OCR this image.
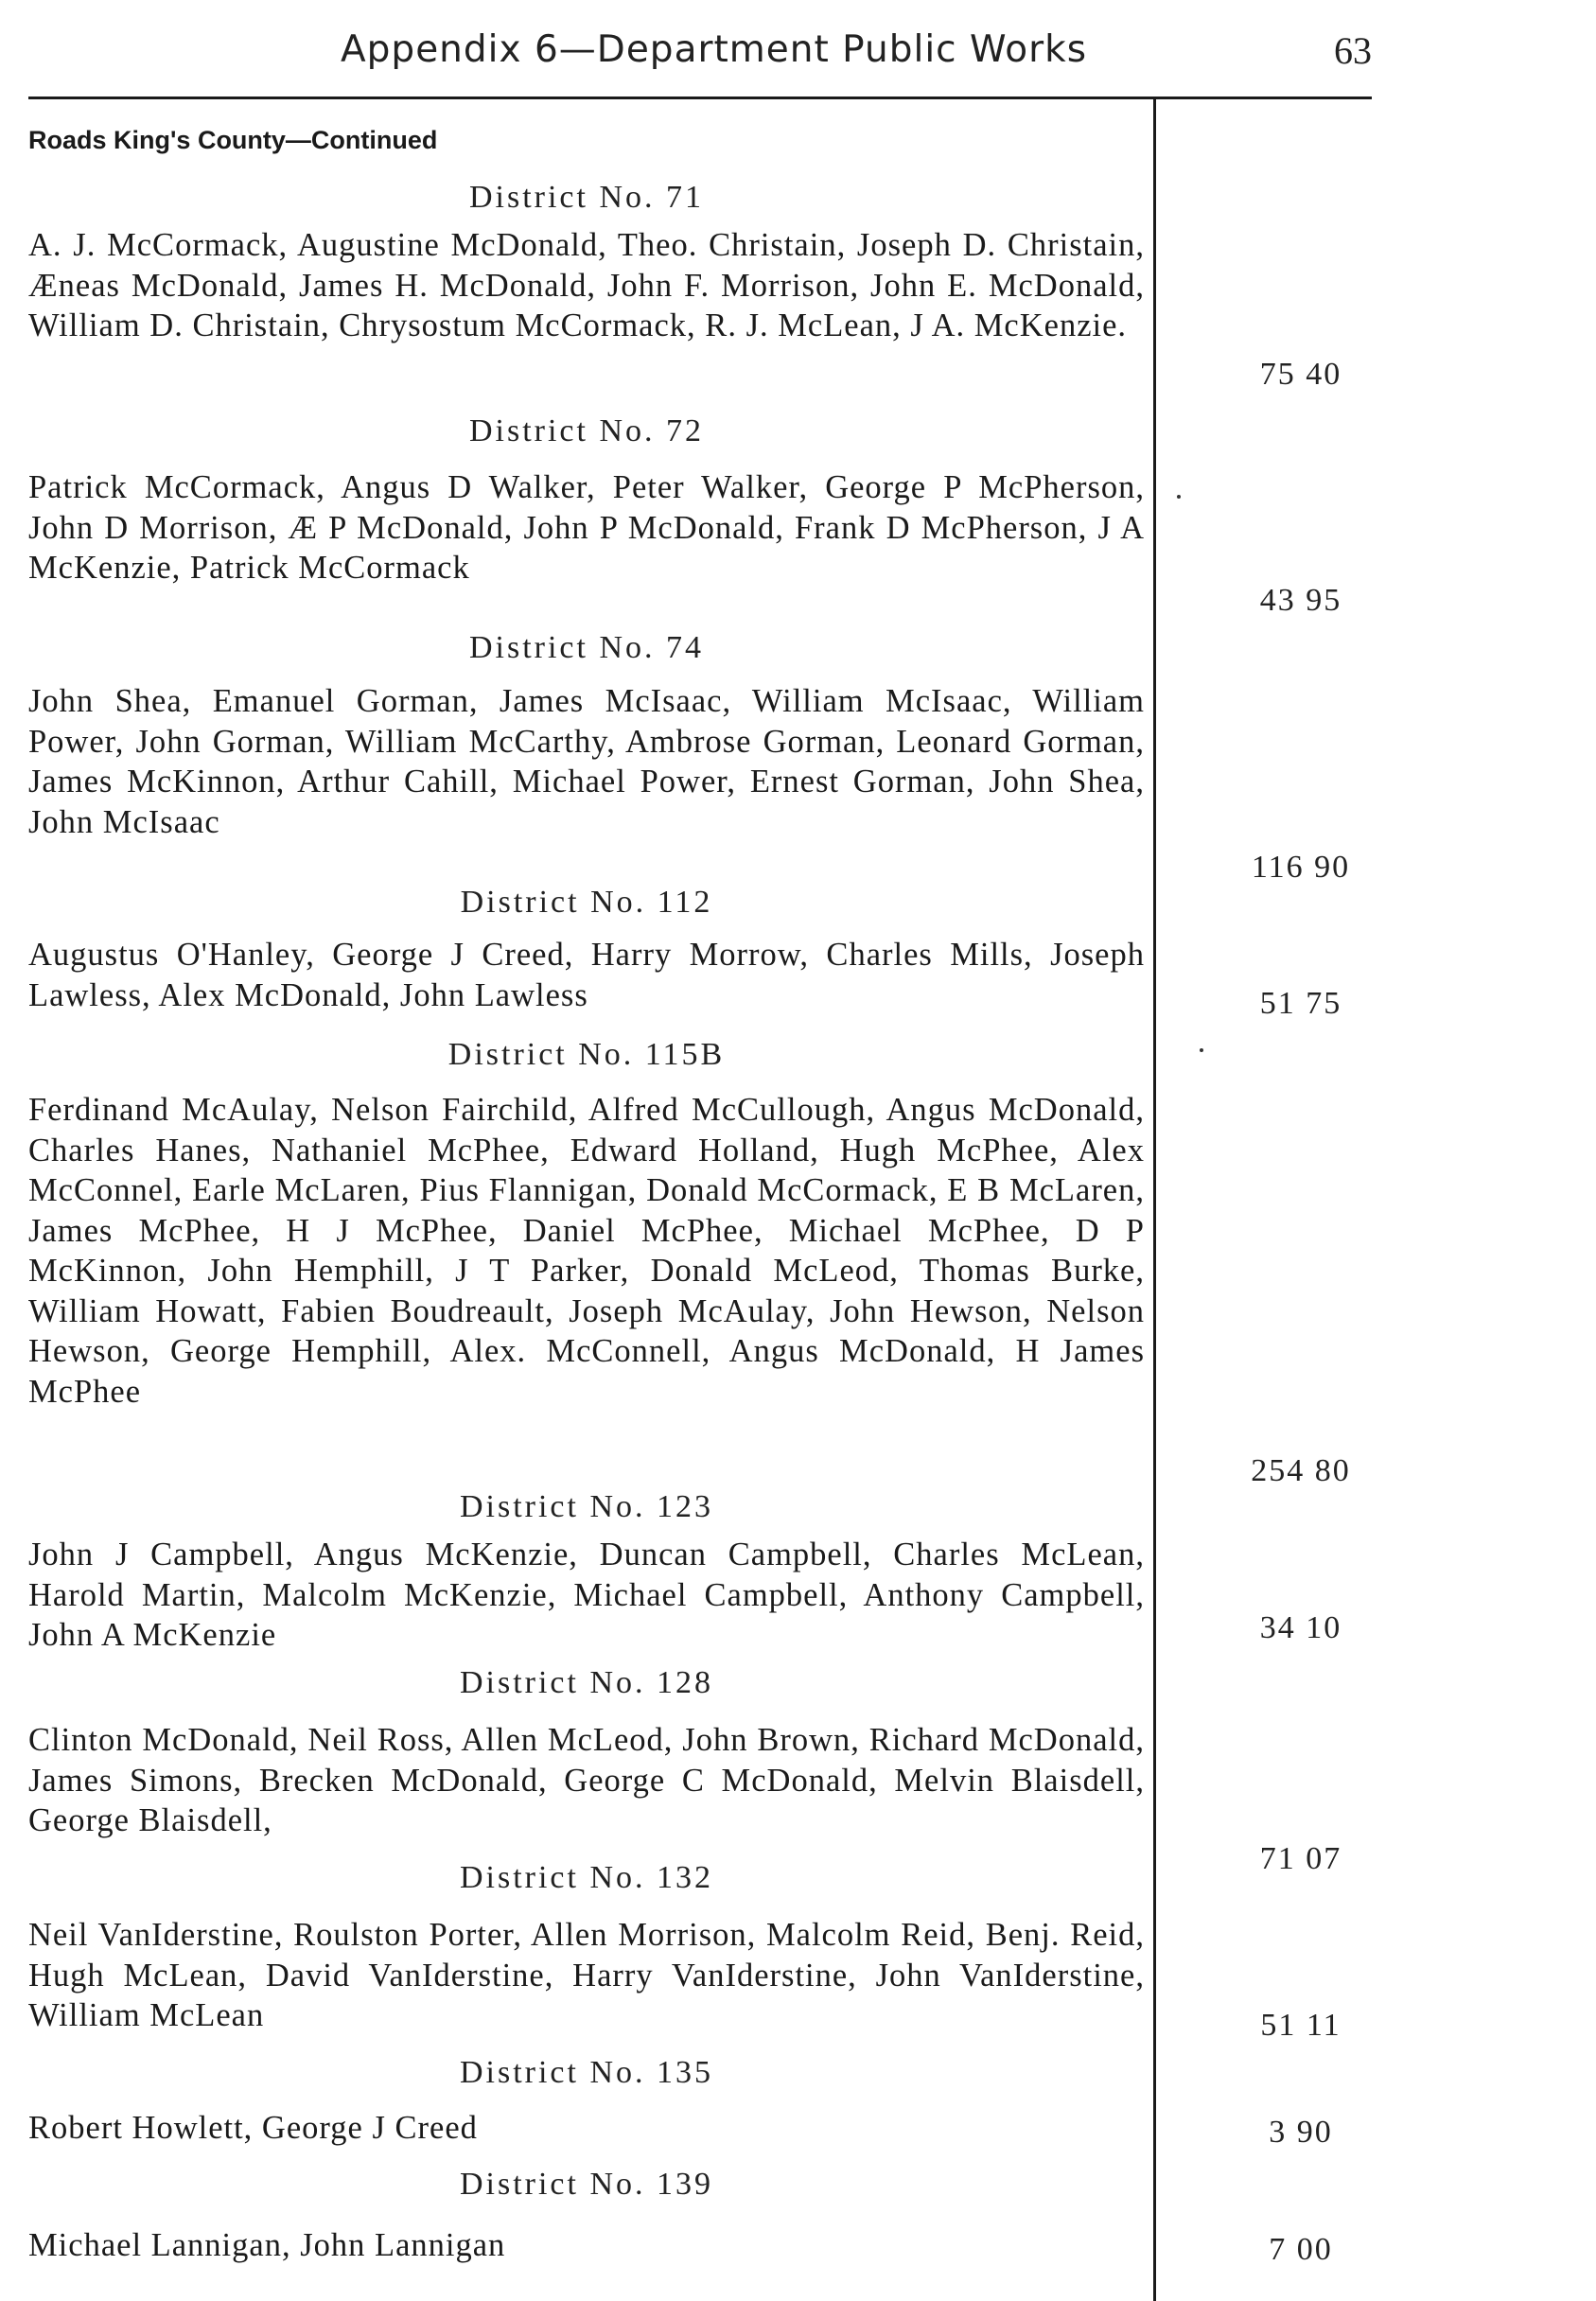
Appendix 6—Department Public Works	63
Roads King's County—Continued
District No. 71

A. J. McCormack, Augustine McDonald, Theo. Christain, Joseph D. Christain, Æneas McDonald, James H. McDonald, John F. Morrison, John E. McDonald, William D. Christain, Chrysostum McCormack, R. J. McLean, J A. McKenzie.

75 40
District No. 72

Patrick McCormack, Angus D Walker, Peter Walker, George P McPherson, John D Morrison, Æ P McDonald, John P McDonald, Frank D McPherson, J A McKenzie, Patrick McCormack

43 95
District No. 74

John Shea, Emanuel Gorman, James McIsaac, William McIsaac, William Power, John Gorman, William McCarthy, Ambrose Gorman, Leonard Gorman, James McKinnon, Arthur Cahill, Michael Power, Ernest Gorman, John Shea, John McIsaac

116 90
District No. 112

Augustus O'Hanley, George J Creed, Harry Morrow, Charles Mills, Joseph Lawless, Alex McDonald, John Lawless	51 75
District No. 115B

Ferdinand McAulay, Nelson Fairchild, Alfred McCullough, Angus McDonald, Charles Hanes, Nathaniel McPhee, Edward Holland, Hugh McPhee, Alex McConnel, Earle McLaren, Pius Flannigan, Donald McCormack, E B McLaren, James McPhee, H J McPhee, Daniel McPhee, Michael McPhee, D P McKinnon, John Hemphill, J T Parker, Donald McLeod, Thomas Burke, William Howatt, Fabien Boudreault, Joseph McAulay, John Hewson, Nelson Hewson, George Hemphill, Alex. McConnell, Angus McDonald, H James McPhee

254 80
District No. 123

John J Campbell, Angus McKenzie, Duncan Campbell, Charles McLean, Harold Martin, Malcolm McKenzie, Michael Campbell, Anthony Campbell, John A McKenzie	34 10
District No. 128

Clinton McDonald, Neil Ross, Allen McLeod, John Brown, Richard McDonald, James Simons, Brecken McDonald, George C McDonald, Melvin Blaisdell, George Blaisdell,

71 07
District No. 132

Neil VanIderstine, Roulston Porter, Allen Morrison, Malcolm Reid, Benj. Reid, Hugh McLean, David VanIderstine, Harry VanIderstine, John VanIderstine, William McLean	51 11
District No. 135

Robert Howlett, George J Creed	3 90
District No. 139

Michael Lannigan, John Lannigan	7 00
